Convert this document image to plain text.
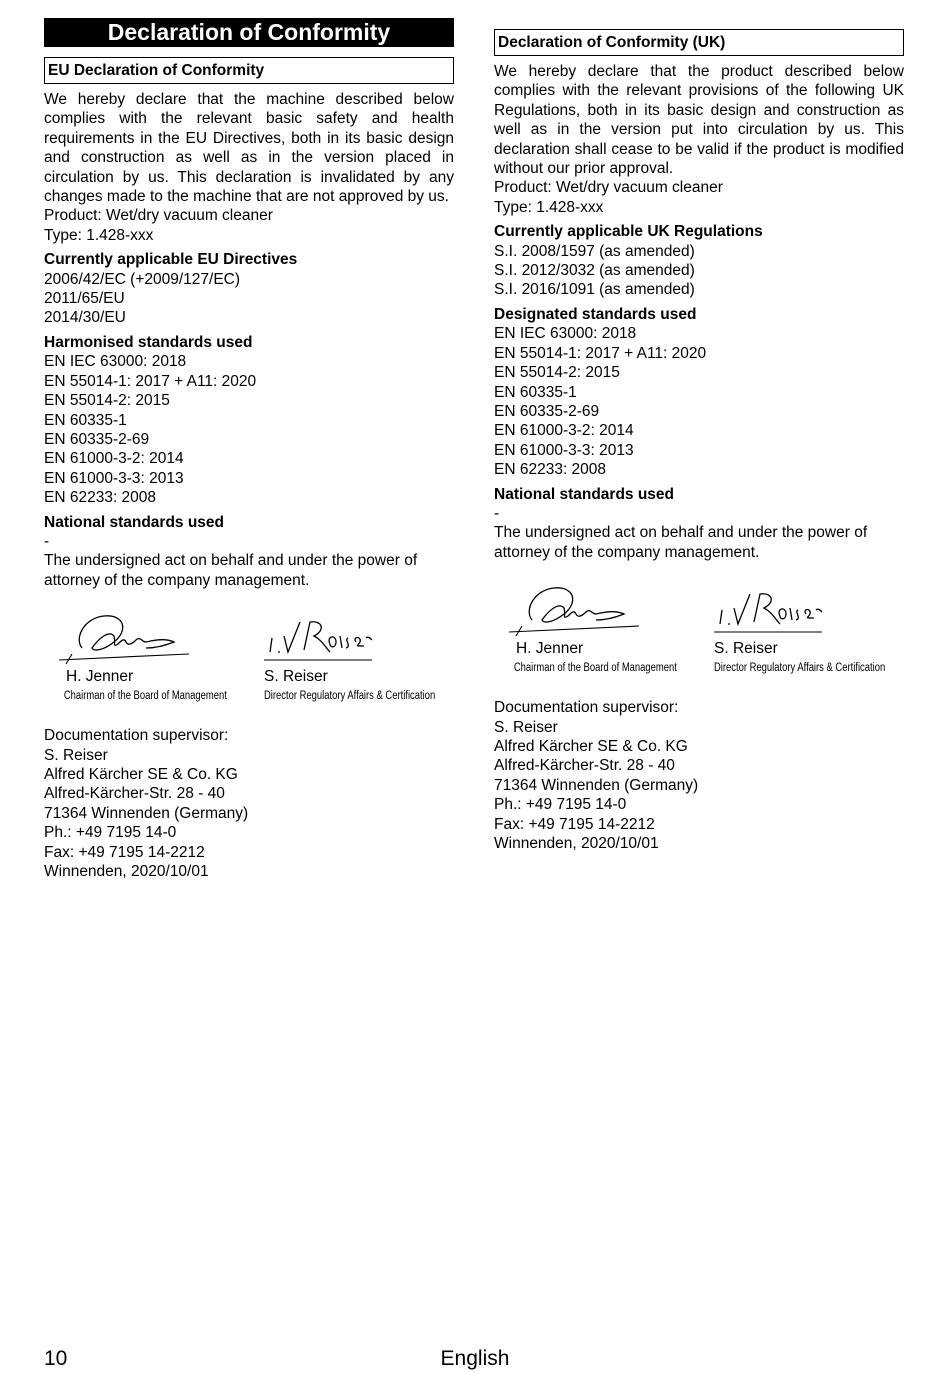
Declaration of Conformity
EU Declaration of Conformity

We hereby declare that the machine described below complies with the relevant basic safety and health requirements in the EU Directives, both in its basic design and construction as well as in the version placed in circulation by us. This declaration is invalidated by any changes made to the machine that are not approved by us.

Product: Wet/dry vacuum cleaner

Type: 1.428-xxx

Currently applicable EU Directives

2006/42/EC (+2009/127/EC)
2011/65/EU
2014/30/EU

Harmonised standards used

EN IEC 63000: 2018
EN 55014-1: 2017 + A11: 2020
EN 55014-2: 2015
EN 60335-1
EN 60335-2-69
EN 61000-3-2: 2014
EN 61000-3-3: 2013
EN 62233: 2008

National standards used

-

The undersigned act on behalf and under the power of attorney of the company management.

H. Jenner
Chairman of the Board of Management
S. Reiser
Director Regulatory Affairs & Certification
Documentation supervisor:
S. Reiser
Alfred Kärcher SE & Co. KG
Alfred-Kärcher-Str. 28 - 40
71364 Winnenden (Germany)
Ph.: +49 7195 14-0
Fax: +49 7195 14-2212
Winnenden, 2020/10/01
Declaration of Conformity (UK)

We hereby declare that the product described below complies with the relevant provisions of the following UK Regulations, both in its basic design and construction as well as in the version put into circulation by us. This declaration shall cease to be valid if the product is modified without our prior approval.

Product: Wet/dry vacuum cleaner

Type: 1.428-xxx

Currently applicable UK Regulations

S.I. 2008/1597 (as amended)
S.I. 2012/3032 (as amended)
S.I. 2016/1091 (as amended)

Designated standards used

EN IEC 63000: 2018
EN 55014-1: 2017 + A11: 2020
EN 55014-2: 2015
EN 60335-1
EN 60335-2-69
EN 61000-3-2: 2014
EN 61000-3-3: 2013
EN 62233: 2008

National standards used

-

The undersigned act on behalf and under the power of attorney of the company management.

H. Jenner
Chairman of the Board of Management
S. Reiser
Director Regulatory Affairs & Certification
Documentation supervisor:
S. Reiser
Alfred Kärcher SE & Co. KG
Alfred-Kärcher-Str. 28 - 40
71364 Winnenden (Germany)
Ph.: +49 7195 14-0
Fax: +49 7195 14-2212
Winnenden, 2020/10/01
English
10
